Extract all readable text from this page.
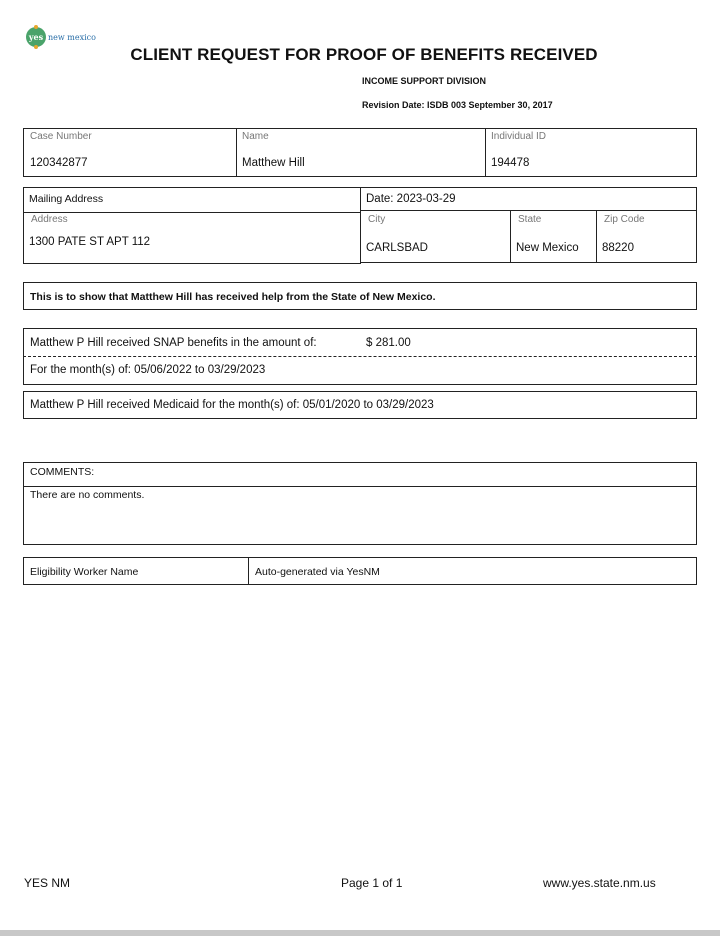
yes new mexico
CLIENT REQUEST FOR PROOF OF BENEFITS RECEIVED
INCOME SUPPORT DIVISION
Revision Date: ISDB 003 September 30, 2017
Case Number
120342877
Name
Matthew Hill
Individual ID
194478
Mailing Address
Address
1300 PATE ST APT 112
Date: 2023-03-29
City
CARLSBAD
State
New Mexico
Zip Code
88220
This is to show that Matthew Hill has received help from the State of New Mexico.
Matthew P Hill received SNAP benefits in the amount of:	$ 281.00
For the month(s) of: 05/06/2022 to 03/29/2023
Matthew P Hill received Medicaid for the month(s) of: 05/01/2020 to 03/29/2023
COMMENTS:
There are no comments.
Eligibility Worker Name	Auto-generated via YesNM
YES NM	Page 1 of 1	www.yes.state.nm.us
